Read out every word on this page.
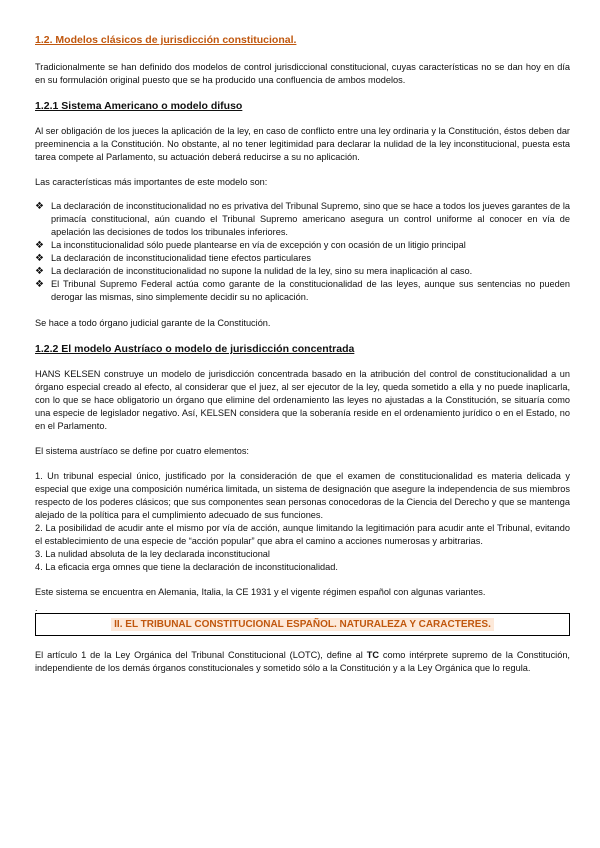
1.2. Modelos clásicos de jurisdicción constitucional.

Tradicionalmente se han definido dos modelos de control jurisdiccional constitucional, cuyas características no se dan hoy en día en su formulación original puesto que se ha producido una confluencia de ambos modelos.

1.2.1 Sistema Americano o modelo difuso

Al ser obligación de los jueces la aplicación de la ley, en caso de conflicto entre una ley ordinaria y la Constitución, éstos deben dar preeminencia a la Constitución. No obstante, al no tener legitimidad para declarar la nulidad de la ley inconstitucional, puesta esta tarea compete al Parlamento, su actuación deberá reducirse a su no aplicación.

Las características más importantes de este modelo son:

❖ La declaración de inconstitucionalidad no es privativa del Tribunal Supremo, sino que se hace a todos los jueves garantes de la primacía constitucional, aún cuando el Tribunal Supremo americano asegura un control uniforme al conocer en vía de apelación las decisiones de todos los tribunales inferiores.
❖ La inconstitucionalidad sólo puede plantearse en vía de excepción y con ocasión de un litigio principal
❖ La declaración de inconstitucionalidad tiene efectos particulares
❖ La declaración de inconstitucionalidad no supone la nulidad de la ley, sino su mera inaplicación al caso.
❖ El Tribunal Supremo Federal actúa como garante de la constitucionalidad de las leyes, aunque sus sentencias no pueden derogar las mismas, sino simplemente decidir su no aplicación.

Se hace a todo órgano judicial garante de la Constitución.

1.2.2 El modelo Austríaco o modelo de jurisdicción concentrada

HANS KELSEN construye un modelo de jurisdicción concentrada basado en la atribución del control de constitucionalidad a un órgano especial creado al efecto, al considerar que el juez, al ser ejecutor de la ley, queda sometido a ella y no puede inaplicarla, con lo que se hace obligatorio un órgano que elimine del ordenamiento las leyes no ajustadas a la Constitución, se situaría como una especie de legislador negativo. Así, KELSEN considera que la soberanía reside en el ordenamiento jurídico o en el Estado, no en el Parlamento.

El sistema austríaco se define por cuatro elementos:

1. Un tribunal especial único, justificado por la consideración de que el examen de constitucionalidad es materia delicada y especial que exige una composición numérica limitada, un sistema de designación que asegure la independencia de sus miembros respecto de los poderes clásicos; que sus componentes sean personas conocedoras de la Ciencia del Derecho y que se mantenga alejado de la política para el cumplimiento adecuado de sus funciones.

2. La posibilidad de acudir ante el mismo por vía de acción, aunque limitando la legitimación para acudir ante el Tribunal, evitando el establecimiento de una especie de “acción popular” que abra el camino a acciones numerosas y arbitrarias.

3. La nulidad absoluta de la ley declarada inconstitucional

4. La eficacia erga omnes que tiene la declaración de inconstitucionalidad.

Este sistema se encuentra en Alemania, Italia, la CE 1931 y el vigente régimen español con algunas variantes.

.
II. EL TRIBUNAL CONSTITUCIONAL ESPAÑOL. NATURALEZA Y CARACTERES.

El artículo 1 de la Ley Orgánica del Tribunal Constitucional (LOTC), define al TC como intérprete supremo de la Constitución, independiente de los demás órganos constitucionales y sometido sólo a la Constitución y a la Ley Orgánica que lo regula.
